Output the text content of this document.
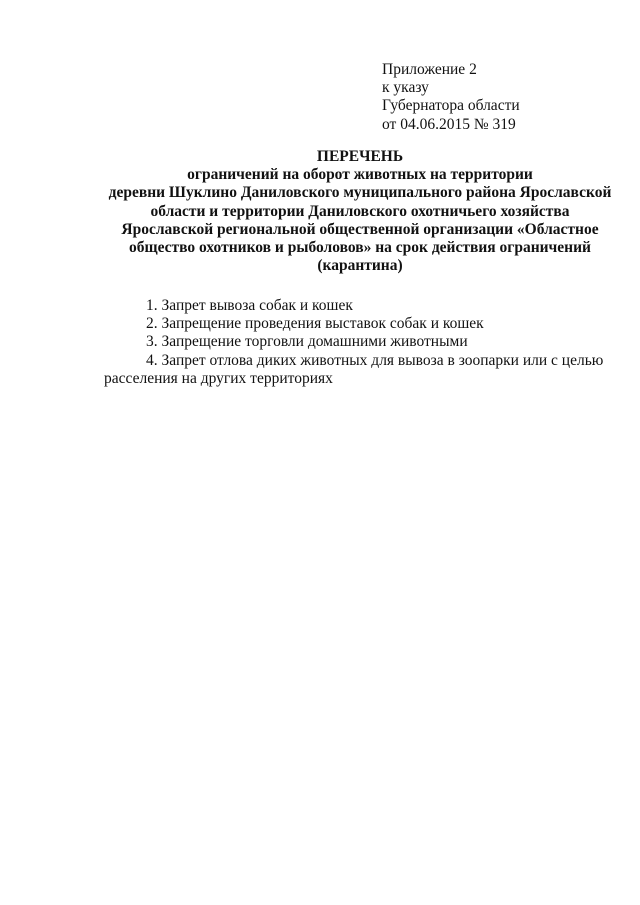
Приложение 2
к указу
Губернатора области
от 04.06.2015 № 319
ПЕРЕЧЕНЬ
ограничений на оборот животных на территории
деревни Шуклино Даниловского муниципального района Ярославской
области и территории Даниловского охотничьего хозяйства
Ярославской региональной общественной организации «Областное
общество охотников и рыболовов» на срок действия ограничений
(карантина)
1. Запрет вывоза собак и кошек
2. Запрещение проведения выставок собак и кошек
3. Запрещение торговли домашними животными
4. Запрет отлова диких животных для вывоза в зоопарки или с целью расселения на других территориях
